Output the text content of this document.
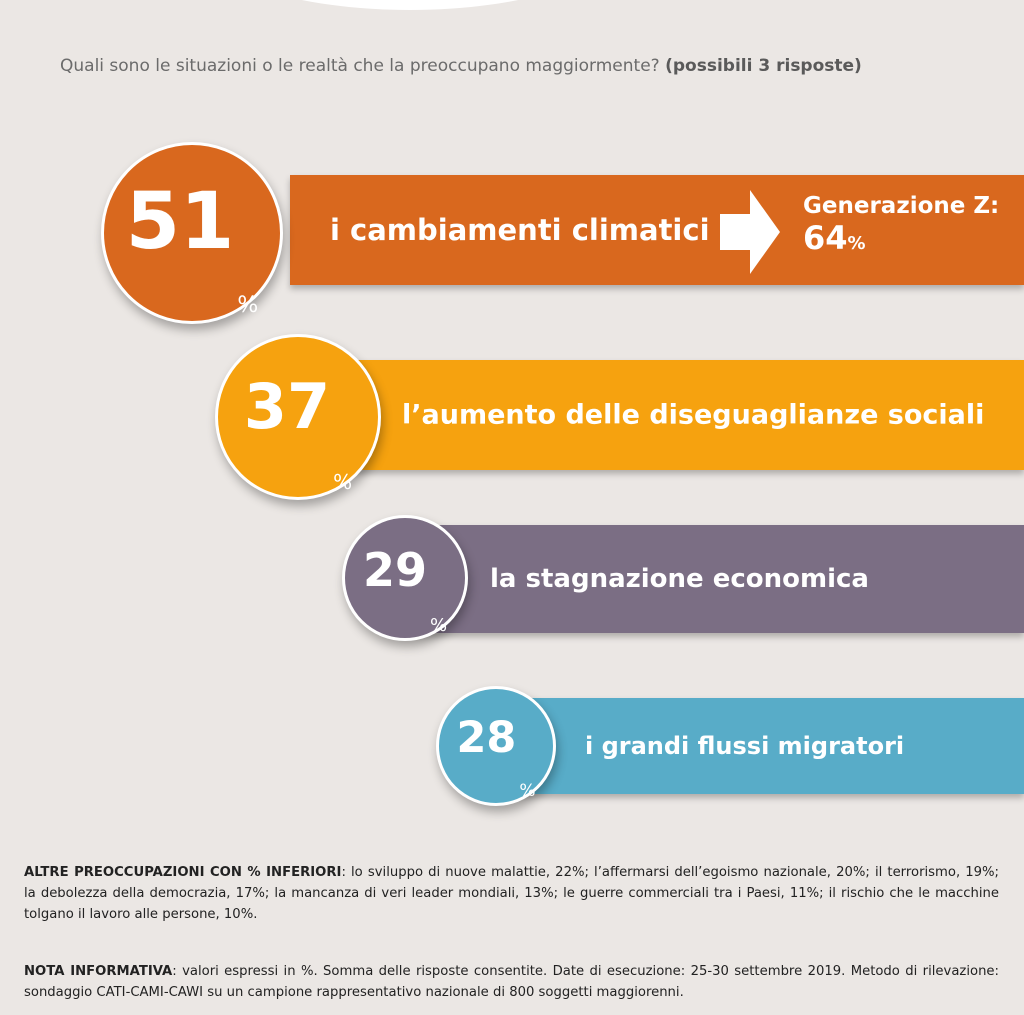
Quali sono le situazioni o le realtà che la preoccupano maggiormente? (possibili 3 risposte)
i cambiamenti climatici
51
%
l’aumento delle diseguaglianze sociali
37
%
la stagnazione economica
29
%
i grandi flussi migratori
28
%
Generazione Z:
64%
ALTRE PREOCCUPAZIONI CON % INFERIORI: lo sviluppo di nuove malattie, 22%; l’affermarsi dell’egoismo nazionale, 20%; il terrorismo, 19%; la debolezza della democrazia, 17%; la mancanza di veri leader mondiali, 13%; le guerre commerciali tra i Paesi, 11%; il rischio che le macchine tolgano il lavoro alle persone, 10%.
NOTA INFORMATIVA: valori espressi in %. Somma delle risposte consentite. Date di esecuzione: 25-30 settembre 2019. Metodo di rilevazione: sondaggio CATI-CAMI-CAWI su un campione rappresentativo nazionale di 800 soggetti maggiorenni.
